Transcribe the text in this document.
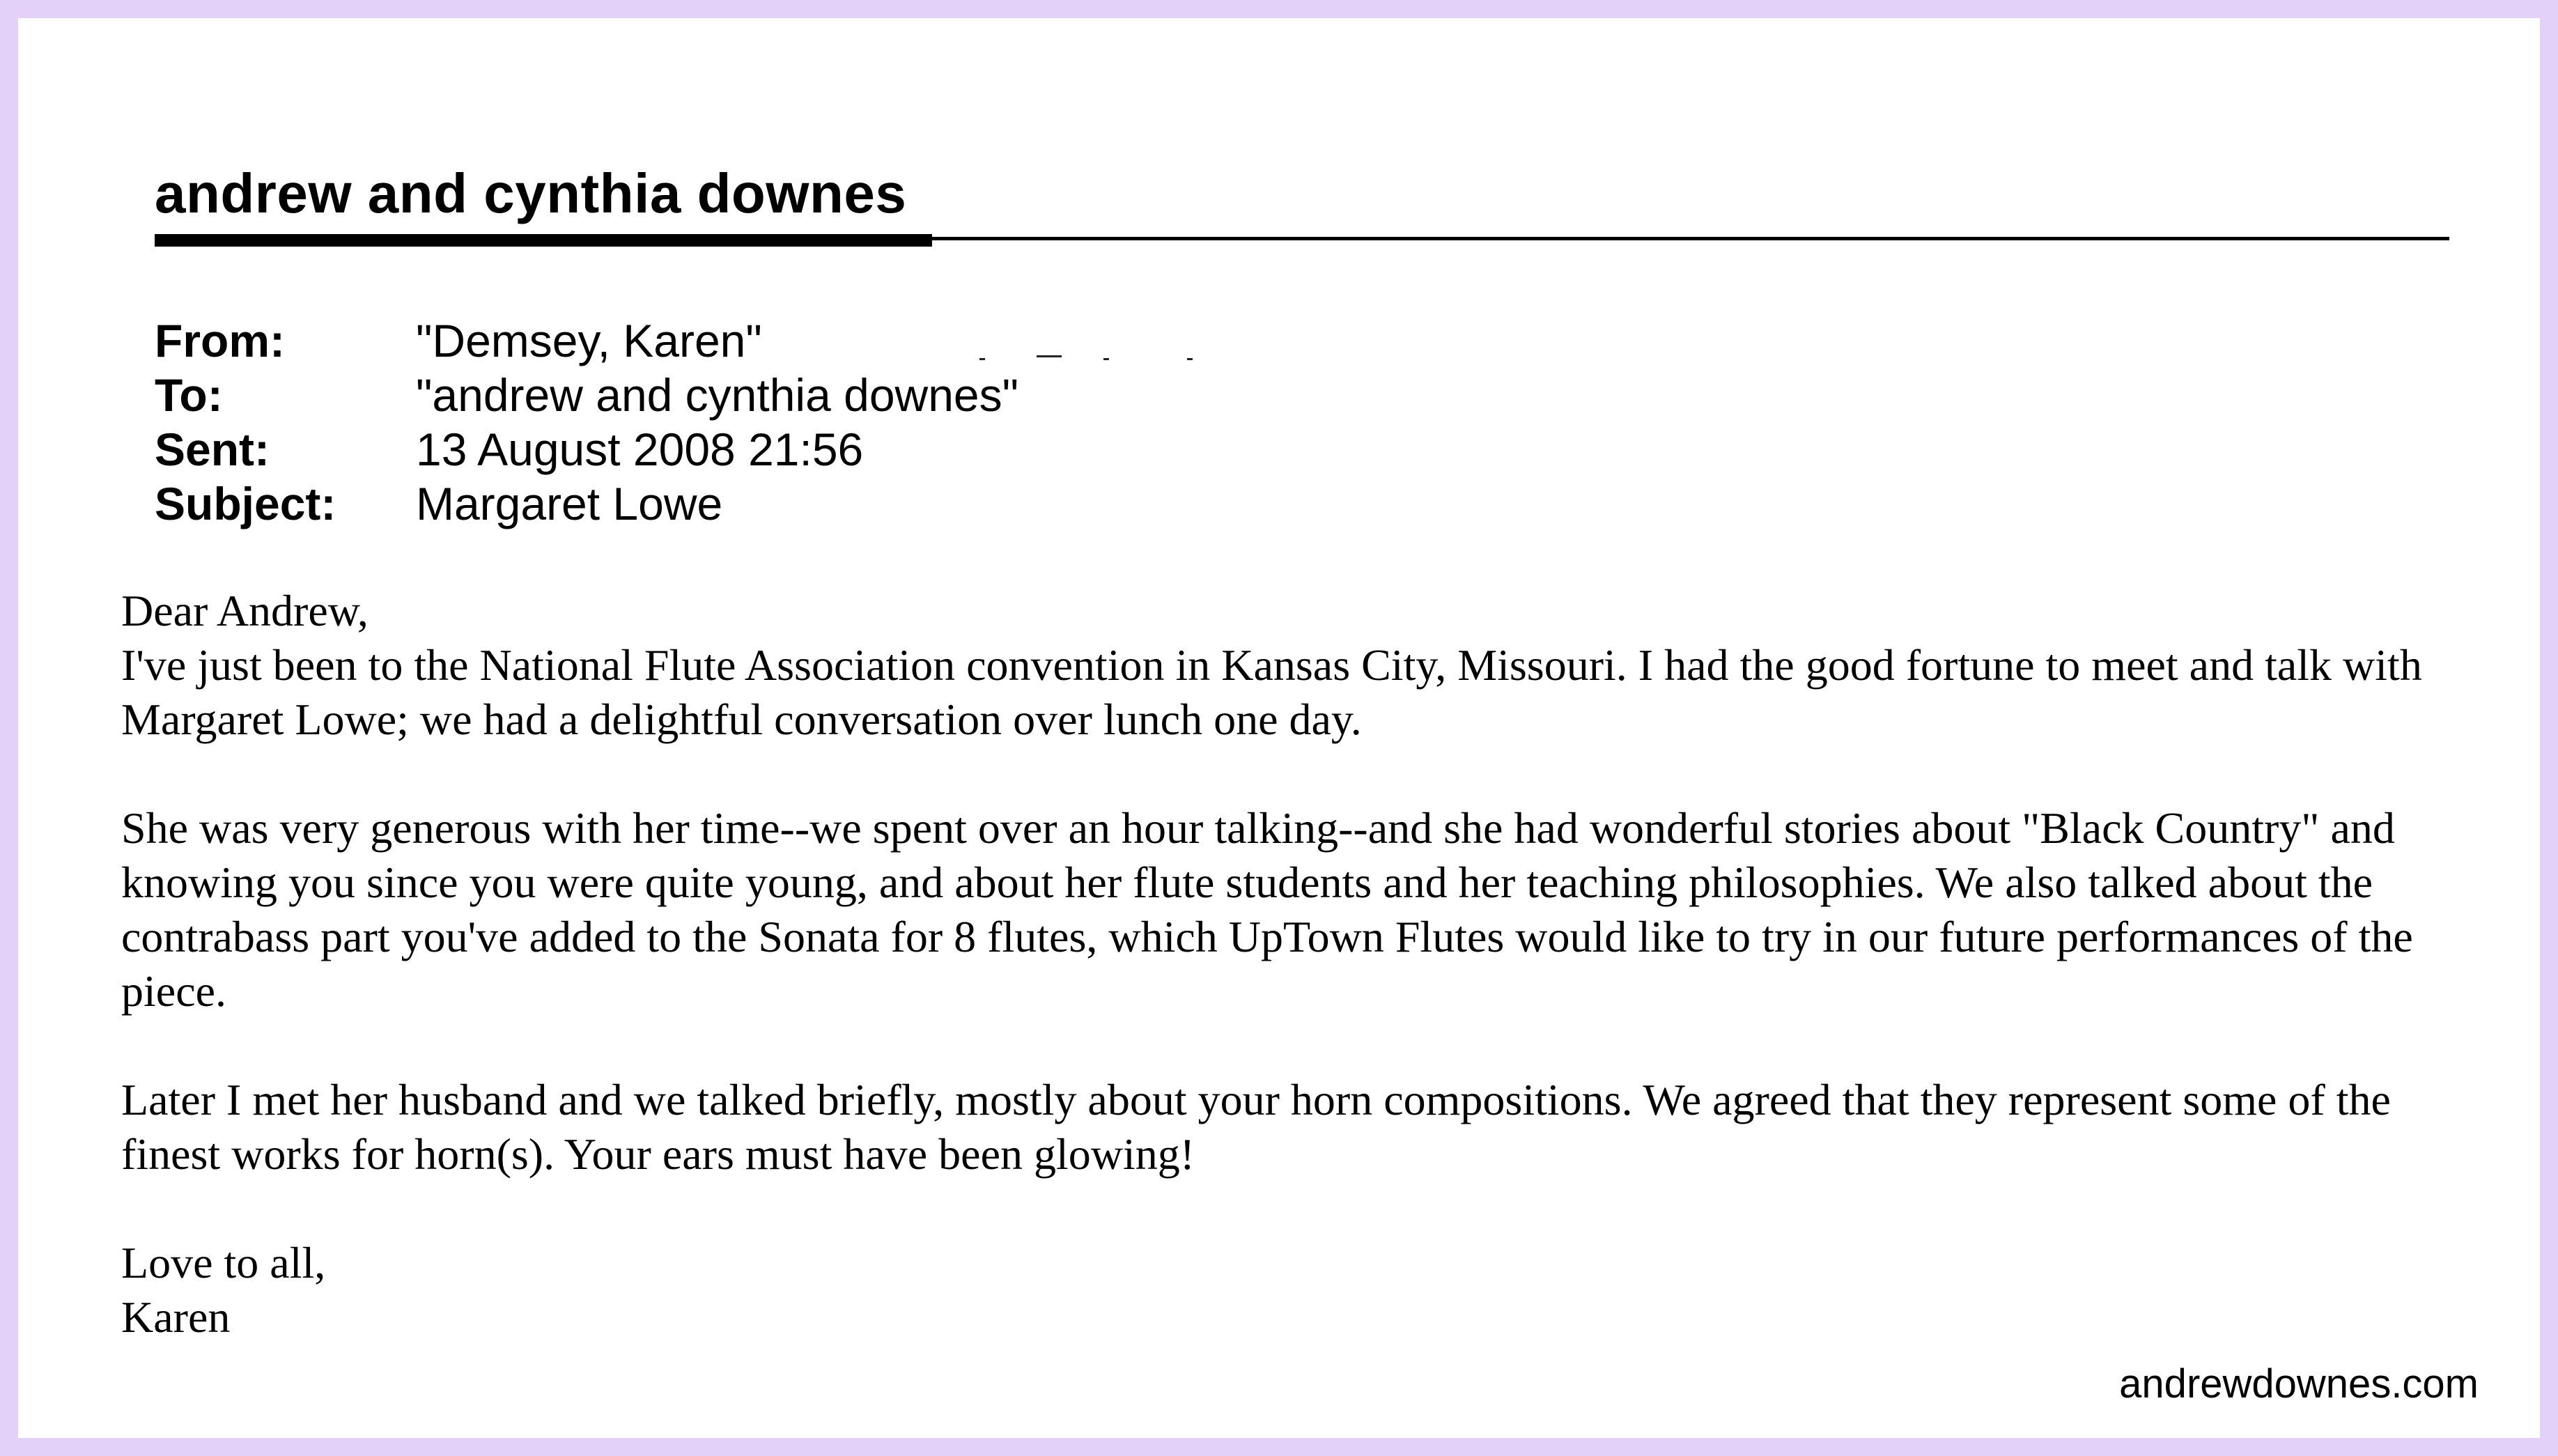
andrew and cynthia downes
From:	"Demsey, Karen"
To:	"andrew and cynthia downes"
Sent:	13 August 2008 21:56
Subject:	Margaret Lowe

Dear Andrew,

I've just been to the National Flute Association convention in Kansas City, Missouri. I had the good fortune to meet and talk with Margaret Lowe; we had a delightful conversation over lunch one day.

She was very generous with her time--we spent over an hour talking--and she had wonderful stories about "Black Country" and knowing you since you were quite young, and about her flute students and her teaching philosophies. We also talked about the contrabass part you've added to the Sonata for 8 flutes, which UpTown Flutes would like to try in our future performances of the piece.

Later I met her husband and we talked briefly, mostly about your horn compositions. We agreed that they represent some of the finest works for horn(s). Your ears must have been glowing!

Love to all,

Karen

andrewdownes.com
